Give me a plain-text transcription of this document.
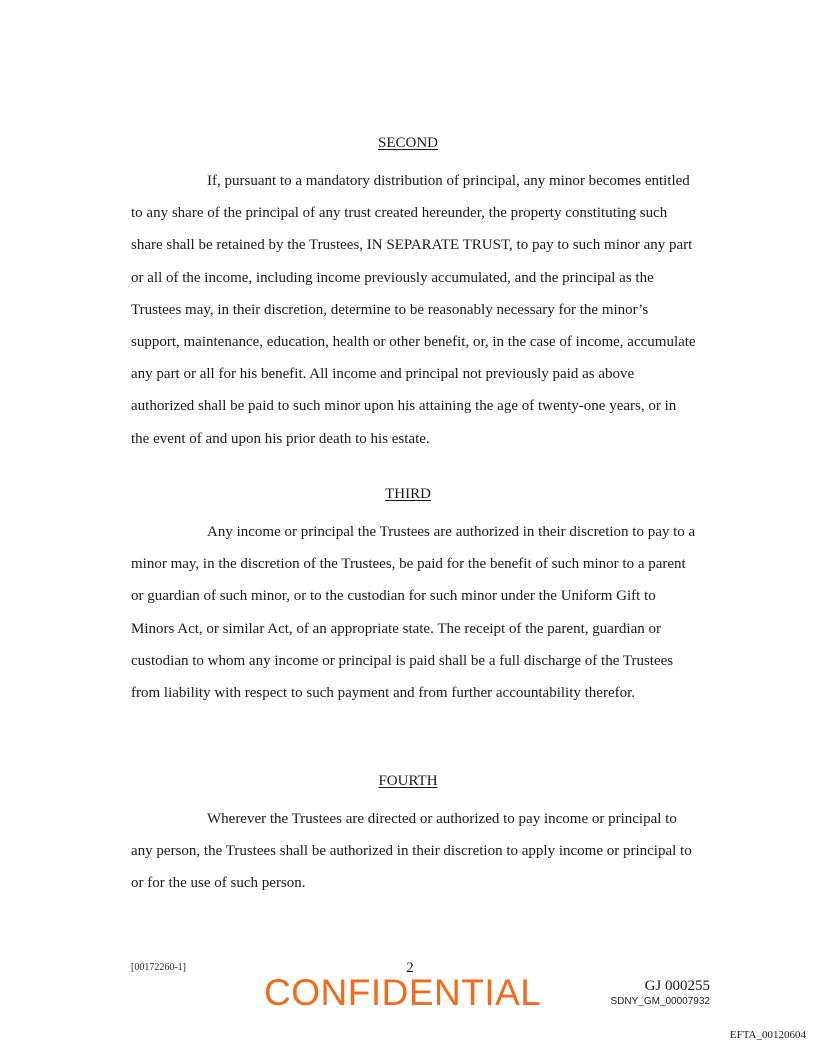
SECOND

If, pursuant to a mandatory distribution of principal, any minor becomes entitled to any share of the principal of any trust created hereunder, the property constituting such share shall be retained by the Trustees, IN SEPARATE TRUST, to pay to such minor any part or all of the income, including income previously accumulated, and the principal as the Trustees may, in their discretion, determine to be reasonably necessary for the minor’s support, maintenance, education, health or other benefit, or, in the case of income, accumulate any part or all for his benefit. All income and principal not previously paid as above authorized shall be paid to such minor upon his attaining the age of twenty-one years, or in the event of and upon his prior death to his estate.

THIRD

Any income or principal the Trustees are authorized in their discretion to pay to a minor may, in the discretion of the Trustees, be paid for the benefit of such minor to a parent or guardian of such minor, or to the custodian for such minor under the Uniform Gift to Minors Act, or similar Act, of an appropriate state. The receipt of the parent, guardian or custodian to whom any income or principal is paid shall be a full discharge of the Trustees from liability with respect to such payment and from further accountability therefor.

FOURTH

Wherever the Trustees are directed or authorized to pay income or principal to any person, the Trustees shall be authorized in their discretion to apply income or principal to or for the use of such person.

[00172260-1]	2
CONFIDENTIAL	GJ 000255
SDNY_GM_00007932
EFTA_00120604
